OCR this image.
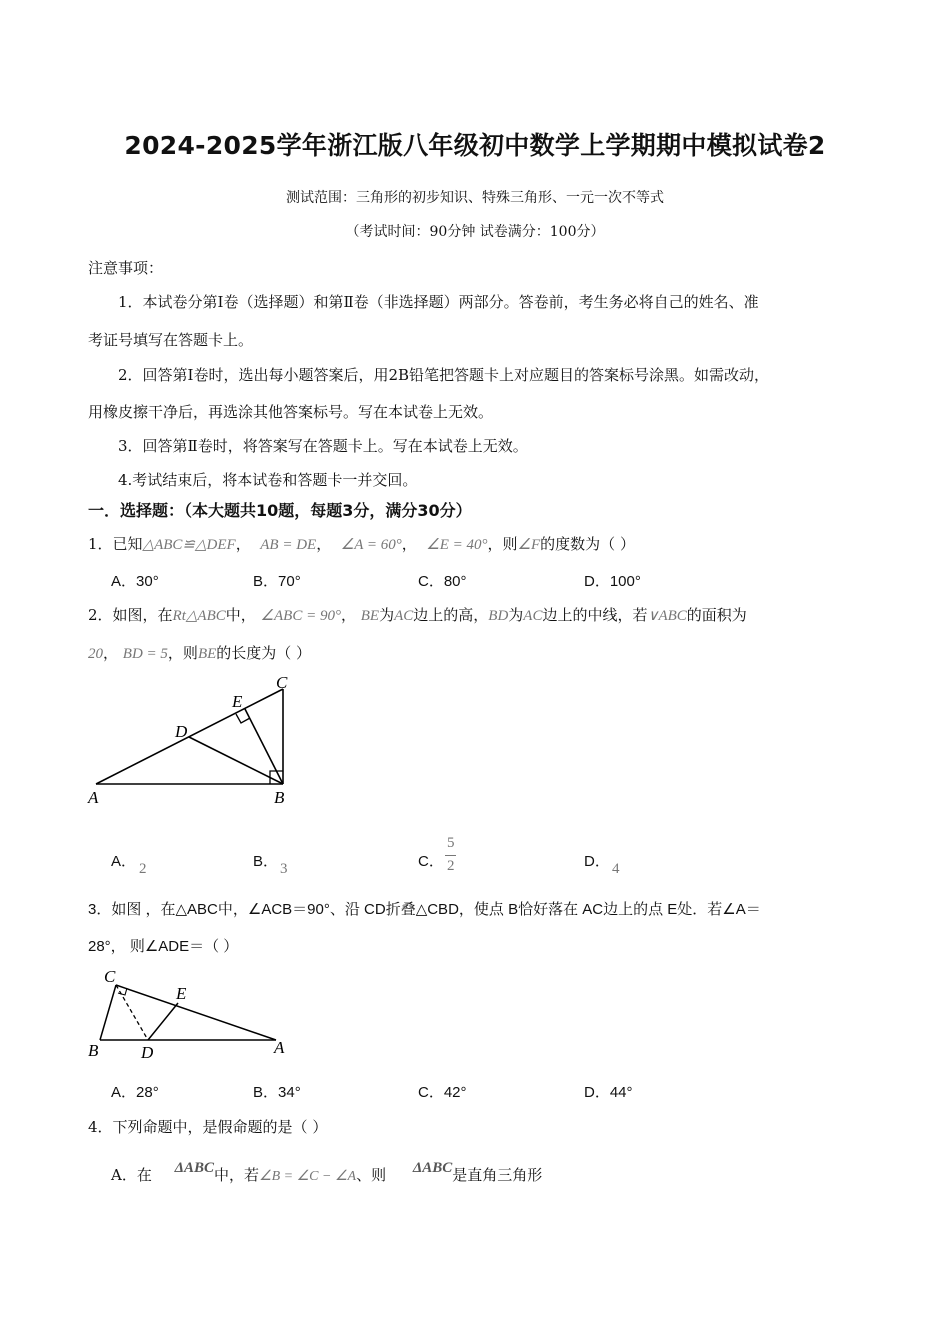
2024-2025学年浙江版八年级初中数学上学期期中模拟试卷2
测试范围：三角形的初步知识、特殊三角形、一元一次不等式
（考试时间：90分钟 试卷满分：100分）
注意事项：
1．本试卷分第Ⅰ卷（选择题）和第Ⅱ卷（非选择题）两部分。答卷前，考生务必将自己的姓名、准
考证号填写在答题卡上。
2．回答第Ⅰ卷时，选出每小题答案后，用2B铅笔把答题卡上对应题目的答案标号涂黑。如需改动，
用橡皮擦干净后，再选涂其他答案标号。写在本试卷上无效。
3．回答第Ⅱ卷时，将答案写在答题卡上。写在本试卷上无效。
4.考试结束后，将本试卷和答题卡一并交回。
一．选择题：（本大题共10题，每题3分，满分30分）
1．已知△ABC≌△DEF， AB = DE， ∠A = 60°， ∠E = 40°，则∠F的度数为（ ）
A．30°	B．70°	C．80°	D．100°
2．如图，在Rt△ABC中， ∠ABC = 90°， BE为AC边上的高，BD为AC边上的中线，若∨ABC的面积为
20， BD = 5，则BE的长度为（ ）
A	B
C
D
E
A． 2	B． 3	C．
5
2	D． 4
3．如图 ，在△ABC中，∠ACB＝90°、沿 CD折叠△CBD，使点 B恰好落在 AC边上的点 E处．若∠A＝
28°， 则∠ADE＝（ ）
C
E
B	D	A
A．28°	B．34°	C．42°	D．44°
4．下列命题中，是假命题的是（ ）
A．在 ΔABC中，若∠B = ∠C − ∠A、则 ΔABC是直角三角形
